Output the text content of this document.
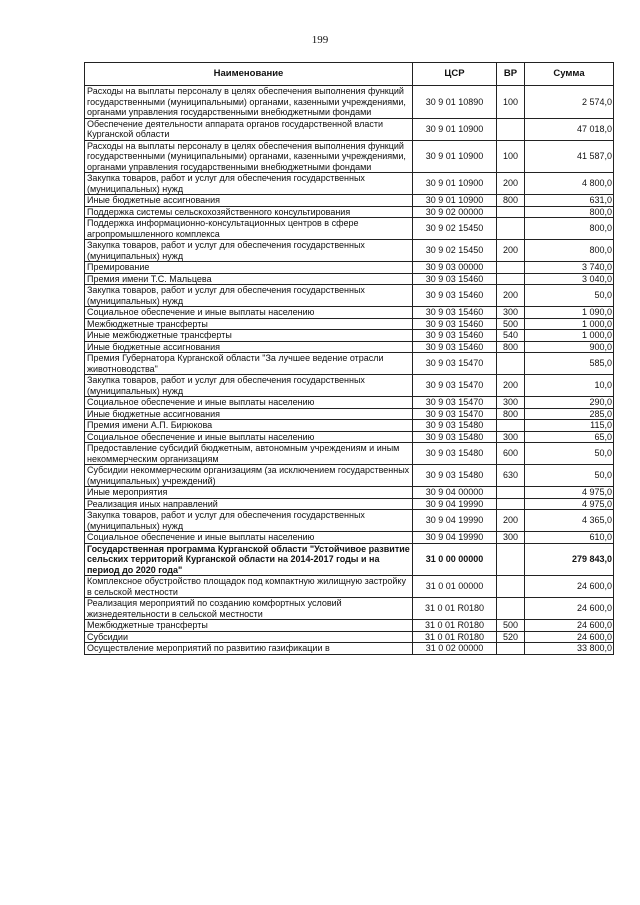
199
Наименование	ЦСР	ВР	Сумма
Расходы на выплаты персоналу в целях обеспечения выполнения функций государственными (муниципальными) органами, казенными учреждениями, органами управления государственными внебюджетными фондами	30 9 01 10890	100	2 574,0
Обеспечение деятельности аппарата органов государственной власти Курганской области	30 9 01 10900		47 018,0
Расходы на выплаты персоналу в целях обеспечения выполнения функций государственными (муниципальными) органами, казенными учреждениями, органами управления государственными внебюджетными фондами	30 9 01 10900	100	41 587,0
Закупка товаров, работ и услуг для обеспечения государственных (муниципальных) нужд	30 9 01 10900	200	4 800,0
Иные бюджетные ассигнования	30 9 01 10900	800	631,0
Поддержка системы сельскохозяйственного консультирования	30 9 02 00000		800,0
Поддержка информационно-консультационных центров в сфере агропромышленного комплекса	30 9 02 15450		800,0
Закупка товаров, работ и услуг для обеспечения государственных (муниципальных) нужд	30 9 02 15450	200	800,0
Премирование	30 9 03 00000		3 740,0
Премия имени Т.С. Мальцева	30 9 03 15460		3 040,0
Закупка товаров, работ и услуг для обеспечения государственных (муниципальных) нужд	30 9 03 15460	200	50,0
Социальное обеспечение и иные выплаты населению	30 9 03 15460	300	1 090,0
Межбюджетные трансферты	30 9 03 15460	500	1 000,0
Иные межбюджетные трансферты	30 9 03 15460	540	1 000,0
Иные бюджетные ассигнования	30 9 03 15460	800	900,0
Премия Губернатора Курганской области "За лучшее ведение отрасли животноводства"	30 9 03 15470		585,0
Закупка товаров, работ и услуг для обеспечения государственных (муниципальных) нужд	30 9 03 15470	200	10,0
Социальное обеспечение и иные выплаты населению	30 9 03 15470	300	290,0
Иные бюджетные ассигнования	30 9 03 15470	800	285,0
Премия имени А.П. Бирюкова	30 9 03 15480		115,0
Социальное обеспечение и иные выплаты населению	30 9 03 15480	300	65,0
Предоставление субсидий бюджетным, автономным учреждениям и иным некоммерческим организациям	30 9 03 15480	600	50,0
Субсидии некоммерческим организациям (за исключением государственных (муниципальных) учреждений)	30 9 03 15480	630	50,0
Иные мероприятия	30 9 04 00000		4 975,0
Реализация иных направлений	30 9 04 19990		4 975,0
Закупка товаров, работ и услуг для обеспечения государственных (муниципальных) нужд	30 9 04 19990	200	4 365,0
Социальное обеспечение и иные выплаты населению	30 9 04 19990	300	610,0
Государственная программа Курганской области "Устойчивое развитие сельских территорий Курганской области на 2014-2017 годы и на период до 2020 года"	31 0 00 00000		279 843,0
Комплексное обустройство площадок под компактную жилищную застройку в сельской местности	31 0 01 00000		24 600,0
Реализация мероприятий по созданию комфортных условий жизнедеятельности в сельской местности	31 0 01 R0180		24 600,0
Межбюджетные трансферты	31 0 01 R0180	500	24 600,0
Субсидии	31 0 01 R0180	520	24 600,0
Осуществление мероприятий по развитию газификации в	31 0 02 00000		33 800,0
